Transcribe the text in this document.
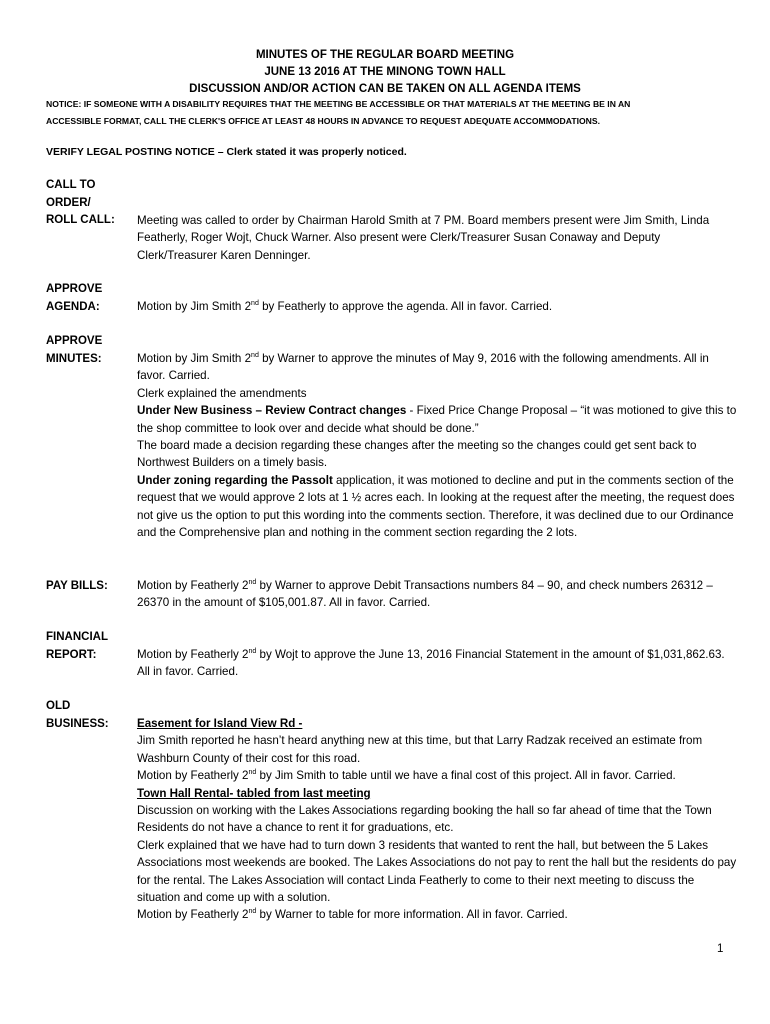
MINUTES OF THE REGULAR BOARD MEETING
JUNE 13 2016 AT THE MINONG TOWN HALL
DISCUSSION AND/OR ACTION CAN BE TAKEN ON ALL AGENDA ITEMS
NOTICE: IF SOMEONE WITH A DISABILITY REQUIRES THAT THE MEETING BE ACCESSIBLE OR THAT MATERIALS AT THE MEETING BE IN AN
ACCESSIBLE FORMAT, CALL THE CLERK'S OFFICE AT LEAST 48 HOURS IN ADVANCE TO REQUEST ADEQUATE ACCOMMODATIONS.
VERIFY LEGAL POSTING NOTICE – Clerk stated it was properly noticed.
CALL TO
ORDER/
ROLL CALL:	Meeting was called to order by Chairman Harold Smith at 7 PM. Board members present were Jim Smith, Linda Featherly, Roger Wojt, Chuck Warner. Also present were Clerk/Treasurer Susan Conaway and Deputy Clerk/Treasurer Karen Denninger.

APPROVE
AGENDA:	Motion by Jim Smith 2nd by Featherly to approve the agenda. All in favor. Carried.

APPROVE
MINUTES:	Motion by Jim Smith 2nd by Warner to approve the minutes of May 9, 2016 with the following amendments. All in favor. Carried.

Clerk explained the amendments

Under New Business – Review Contract changes - Fixed Price Change Proposal – “it was motioned to give this to the shop committee to look over and decide what should be done.”

The board made a decision regarding these changes after the meeting so the changes could get sent back to Northwest Builders on a timely basis.

Under zoning regarding the Passolt application, it was motioned to decline and put in the comments section of the request that we would approve 2 lots at 1 ½ acres each. In looking at the request after the meeting, the request does not give us the option to put this wording into the comments section. Therefore, it was declined due to our Ordinance and the Comprehensive plan and nothing in the comment section regarding the 2 lots.

PAY BILLS:	Motion by Featherly 2nd by Warner to approve Debit Transactions numbers 84 – 90, and check numbers 26312 – 26370 in the amount of $105,001.87. All in favor. Carried.

FINANCIAL
REPORT:	Motion by Featherly 2nd by Wojt to approve the June 13, 2016 Financial Statement in the amount of $1,031,862.63. All in favor. Carried.

OLD
BUSINESS:	Easement for Island View Rd -

Jim Smith reported he hasn’t heard anything new at this time, but that Larry Radzak received an estimate from Washburn County of their cost for this road.

Motion by Featherly 2nd by Jim Smith to table until we have a final cost of this project. All in favor. Carried.

Town Hall Rental- tabled from last meeting

Discussion on working with the Lakes Associations regarding booking the hall so far ahead of time that the Town Residents do not have a chance to rent it for graduations, etc.

Clerk explained that we have had to turn down 3 residents that wanted to rent the hall, but between the 5 Lakes Associations most weekends are booked. The Lakes Associations do not pay to rent the hall but the residents do pay for the rental. The Lakes Association will contact Linda Featherly to come to their next meeting to discuss the situation and come up with a solution.

Motion by Featherly 2nd by Warner to table for more information. All in favor. Carried.

1
